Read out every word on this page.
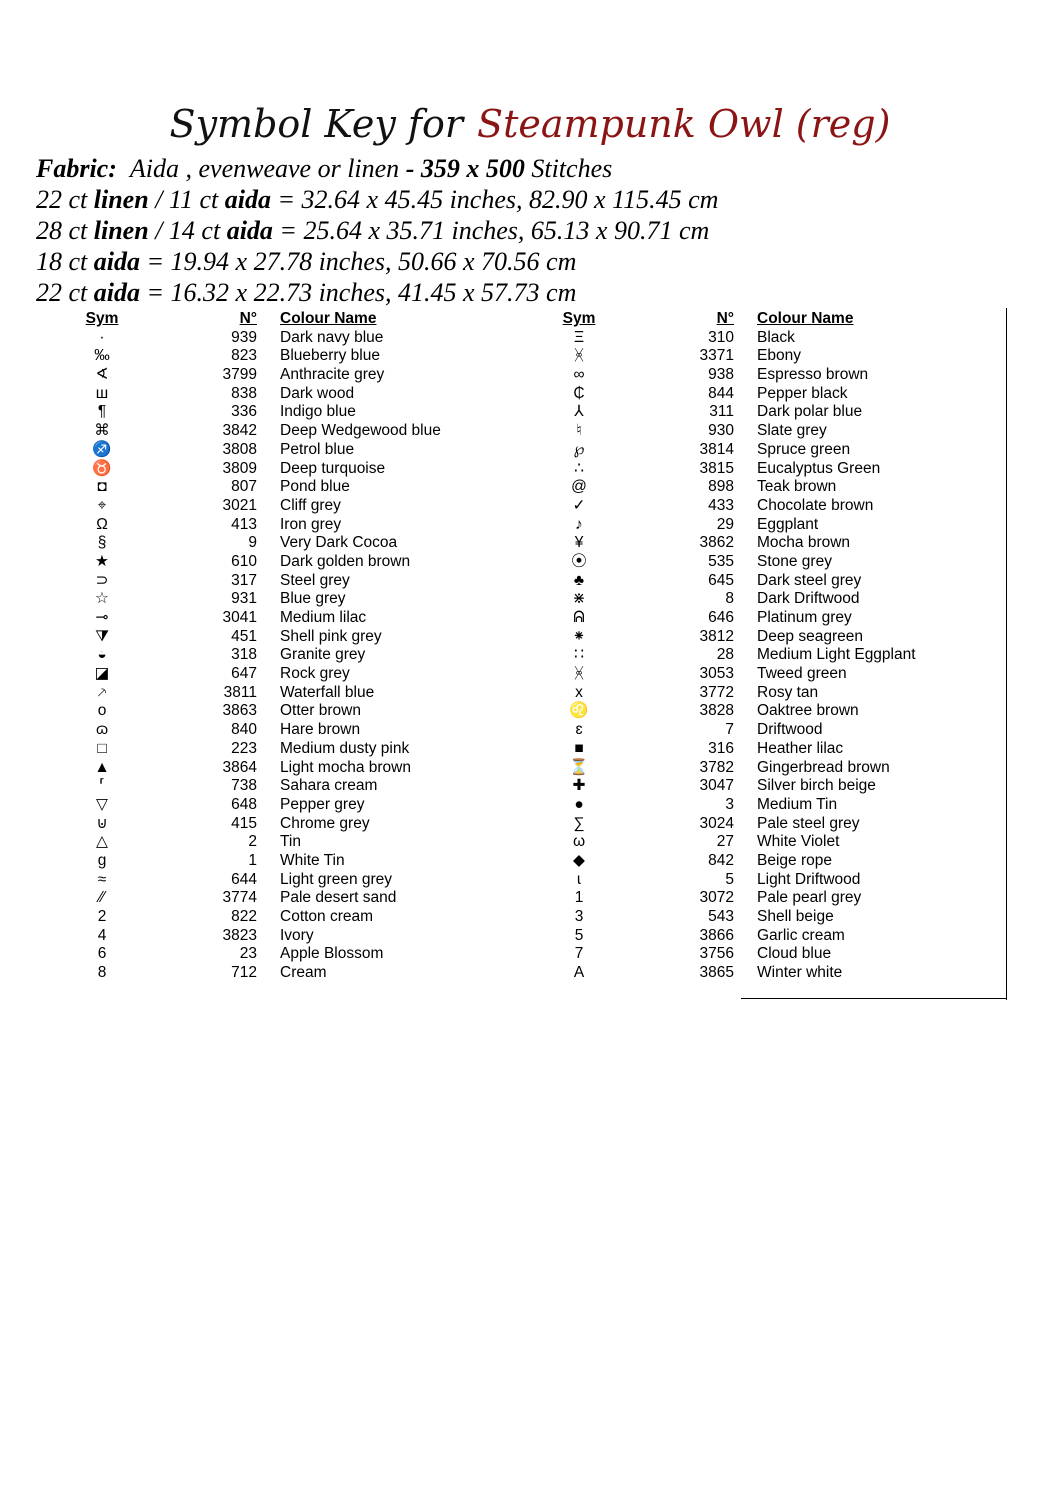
Symbol Key for Steampunk Owl (reg)
Fabric: Aida , evenweave or linen - 359 x 500 Stitches
22 ct linen / 11 ct aida = 32.64 x 45.45 inches, 82.90 x 115.45 cm
28 ct linen / 14 ct aida = 25.64 x 35.71 inches, 65.13 x 90.71 cm
18 ct aida = 19.94 x 27.78 inches, 50.66 x 70.56 cm
22 ct aida = 16.32 x 22.73 inches, 41.45 x 57.73 cm
Sym	N° Colour Name
·	939 Dark navy blue
‰	823 Blueberry blue
∢	3799 Anthracite grey
ш	838 Dark wood
¶	336 Indigo blue
⌘	3842 Deep Wedgewood blue
♐	3808 Petrol blue
♉	3809 Deep turquoise
◘	807 Pond blue
⌖	3021 Cliff grey
Ω	413 Iron grey
§	9 Very Dark Cocoa
★	610 Dark golden brown
⊃	317 Steel grey
☆	931 Blue grey
⊸	3041 Medium lilac
⧩	451 Shell pink grey
◒	318 Granite grey
◪	647 Rock grey
⸕	3811 Waterfall blue
o	3863 Otter brown
ɷ	840 Hare brown
□	223 Medium dusty pink
▲	3864 Light mocha brown
⸢	738 Sahara cream
▽	648 Pepper grey
⊍	415 Chrome grey
△	2 Tin
g	1 White Tin
≈	644 Light green grey
⁄⁄	3774 Pale desert sand
2	822 Cotton cream
4	3823 Ivory
6	23 Apple Blossom
8	712 Cream
Sym	N° Colour Name
Ξ	310 Black
ᚸ	3371 Ebony
∞	938 Espresso brown
₵	844 Pepper black
⅄	311 Dark polar blue
♮	930 Slate grey
℘	3814 Spruce green
∴	3815 Eucalyptus Green
@	898 Teak brown
✓	433 Chocolate brown
♪	29 Eggplant
¥	3862 Mocha brown
⦿	535 Stone grey
♣	645 Dark steel grey
⋇	8 Dark Driftwood
ᕱ	646 Platinum grey
⁕	3812 Deep seagreen
∷	28 Medium Light Eggplant
ᚸ	3053 Tweed green
x	3772 Rosy tan
♌	3828 Oaktree brown
ɛ	7 Driftwood
■	316 Heather lilac
⏳	3782 Gingerbread brown
✚	3047 Silver birch beige
●	3 Medium Tin
∑	3024 Pale steel grey
ω	27 White Violet
◆	842 Beige rope
ɩ	5 Light Driftwood
1	3072 Pale pearl grey
3	543 Shell beige
5	3866 Garlic cream
7	3756 Cloud blue
A	3865 Winter white
